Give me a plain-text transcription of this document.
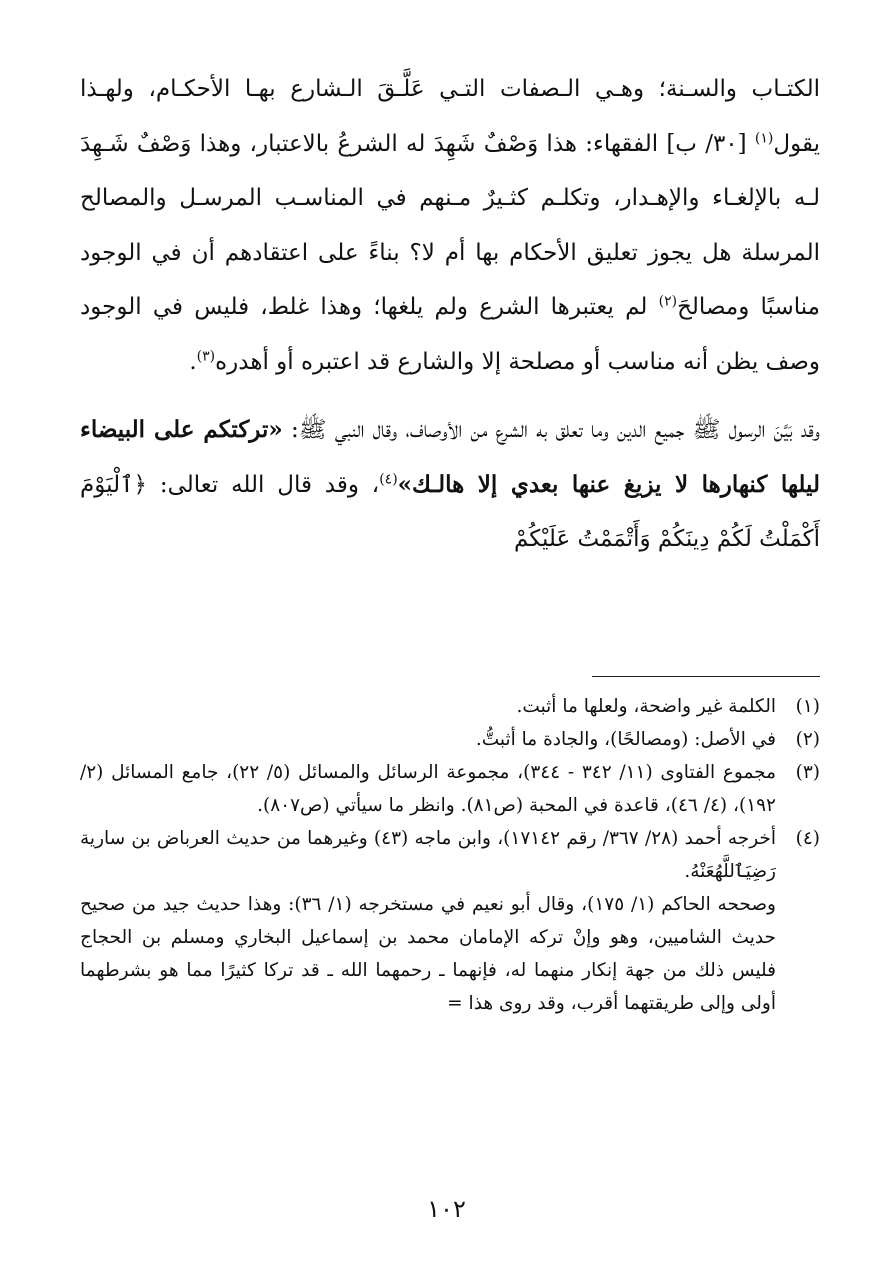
الكتـاب والسـنة؛ وهـي الـصفات التـي عَلَّـقَ الـشارع بهـا الأحكـام، ولهـذا يقول$^{(١)}$ [٣٠/ ب] الفقهاء: هذا وَصْفٌ شَهِدَ له الشرعُ بالاعتبار، وهذا وَصْفٌ شَـهِدَ لـه بالإلغـاء والإهـدار، وتكلـم كثـيرٌ مـنهم في المناسـب المرسـل والمصالح المرسلة هل يجوز تعليق الأحكام بها أم لا؟ بناءً على اعتقادهم أن في الوجود مناسبًا ومصالحَ$^{(٢)}$ لم يعتبرها الشرع ولم يلغها؛ وهذا غلط، فليس في الوجود وصف يظن أنه مناسب أو مصلحة إلا والشارع قد اعتبره أو أهدره$^{(٣)}$.

وقد بَيَّنَ الرسول ﷺ جميع الدين وما تعلق به الشرع من الأوصاف، وقال النبي ﷺ: «تركتكم على البيضاء ليلها كنهارها لا يزيغ عنها بعدي إلا هالـك»$^{(٤)}$، وقد قال الله تعالى: ﴿ٱلْيَوْمَ أَكْمَلْتُ لَكُمْ دِينَكُمْ وَأَتْمَمْتُ عَلَيْكُمْ

(١)
الكلمة غير واضحة، ولعلها ما أثبت.
(٢)
في الأصل: (ومصالحًا)، والجادة ما أثبتُّ.
(٣)
مجموع الفتاوى (١١/ ٣٤٢ - ٣٤٤)، مجموعة الرسائل والمسائل (٥/ ٢٢)، جامع المسائل (٢/ ١٩٢)، (٤/ ٤٦)، قاعدة في المحبة (ص٨١). وانظر ما سيأتي (ص٨٠٧).
(٤)
أخرجه أحمد (٢٨/ ٣٦٧/ رقم ١٧١٤٢)، وابن ماجه (٤٣) وغيرهما من حديث العرباض بن سارية رَضِيَٱللَّهُعَنْهُ.
وصححه الحاكم (١/ ١٧٥)، وقال أبو نعيم في مستخرجه (١/ ٣٦): وهذا حديث جيد من صحيح حديث الشاميين، وهو وإنْ تركه الإمامان محمد بن إسماعيل البخاري ومسلم بن الحجاج فليس ذلك من جهة إنكار منهما له، فإنهما ـ رحمهما الله ـ قد تركا كثيرًا مما هو بشرطهما أولى وإلى طريقتهما أقرب، وقد روى هذا =
١٠٢
